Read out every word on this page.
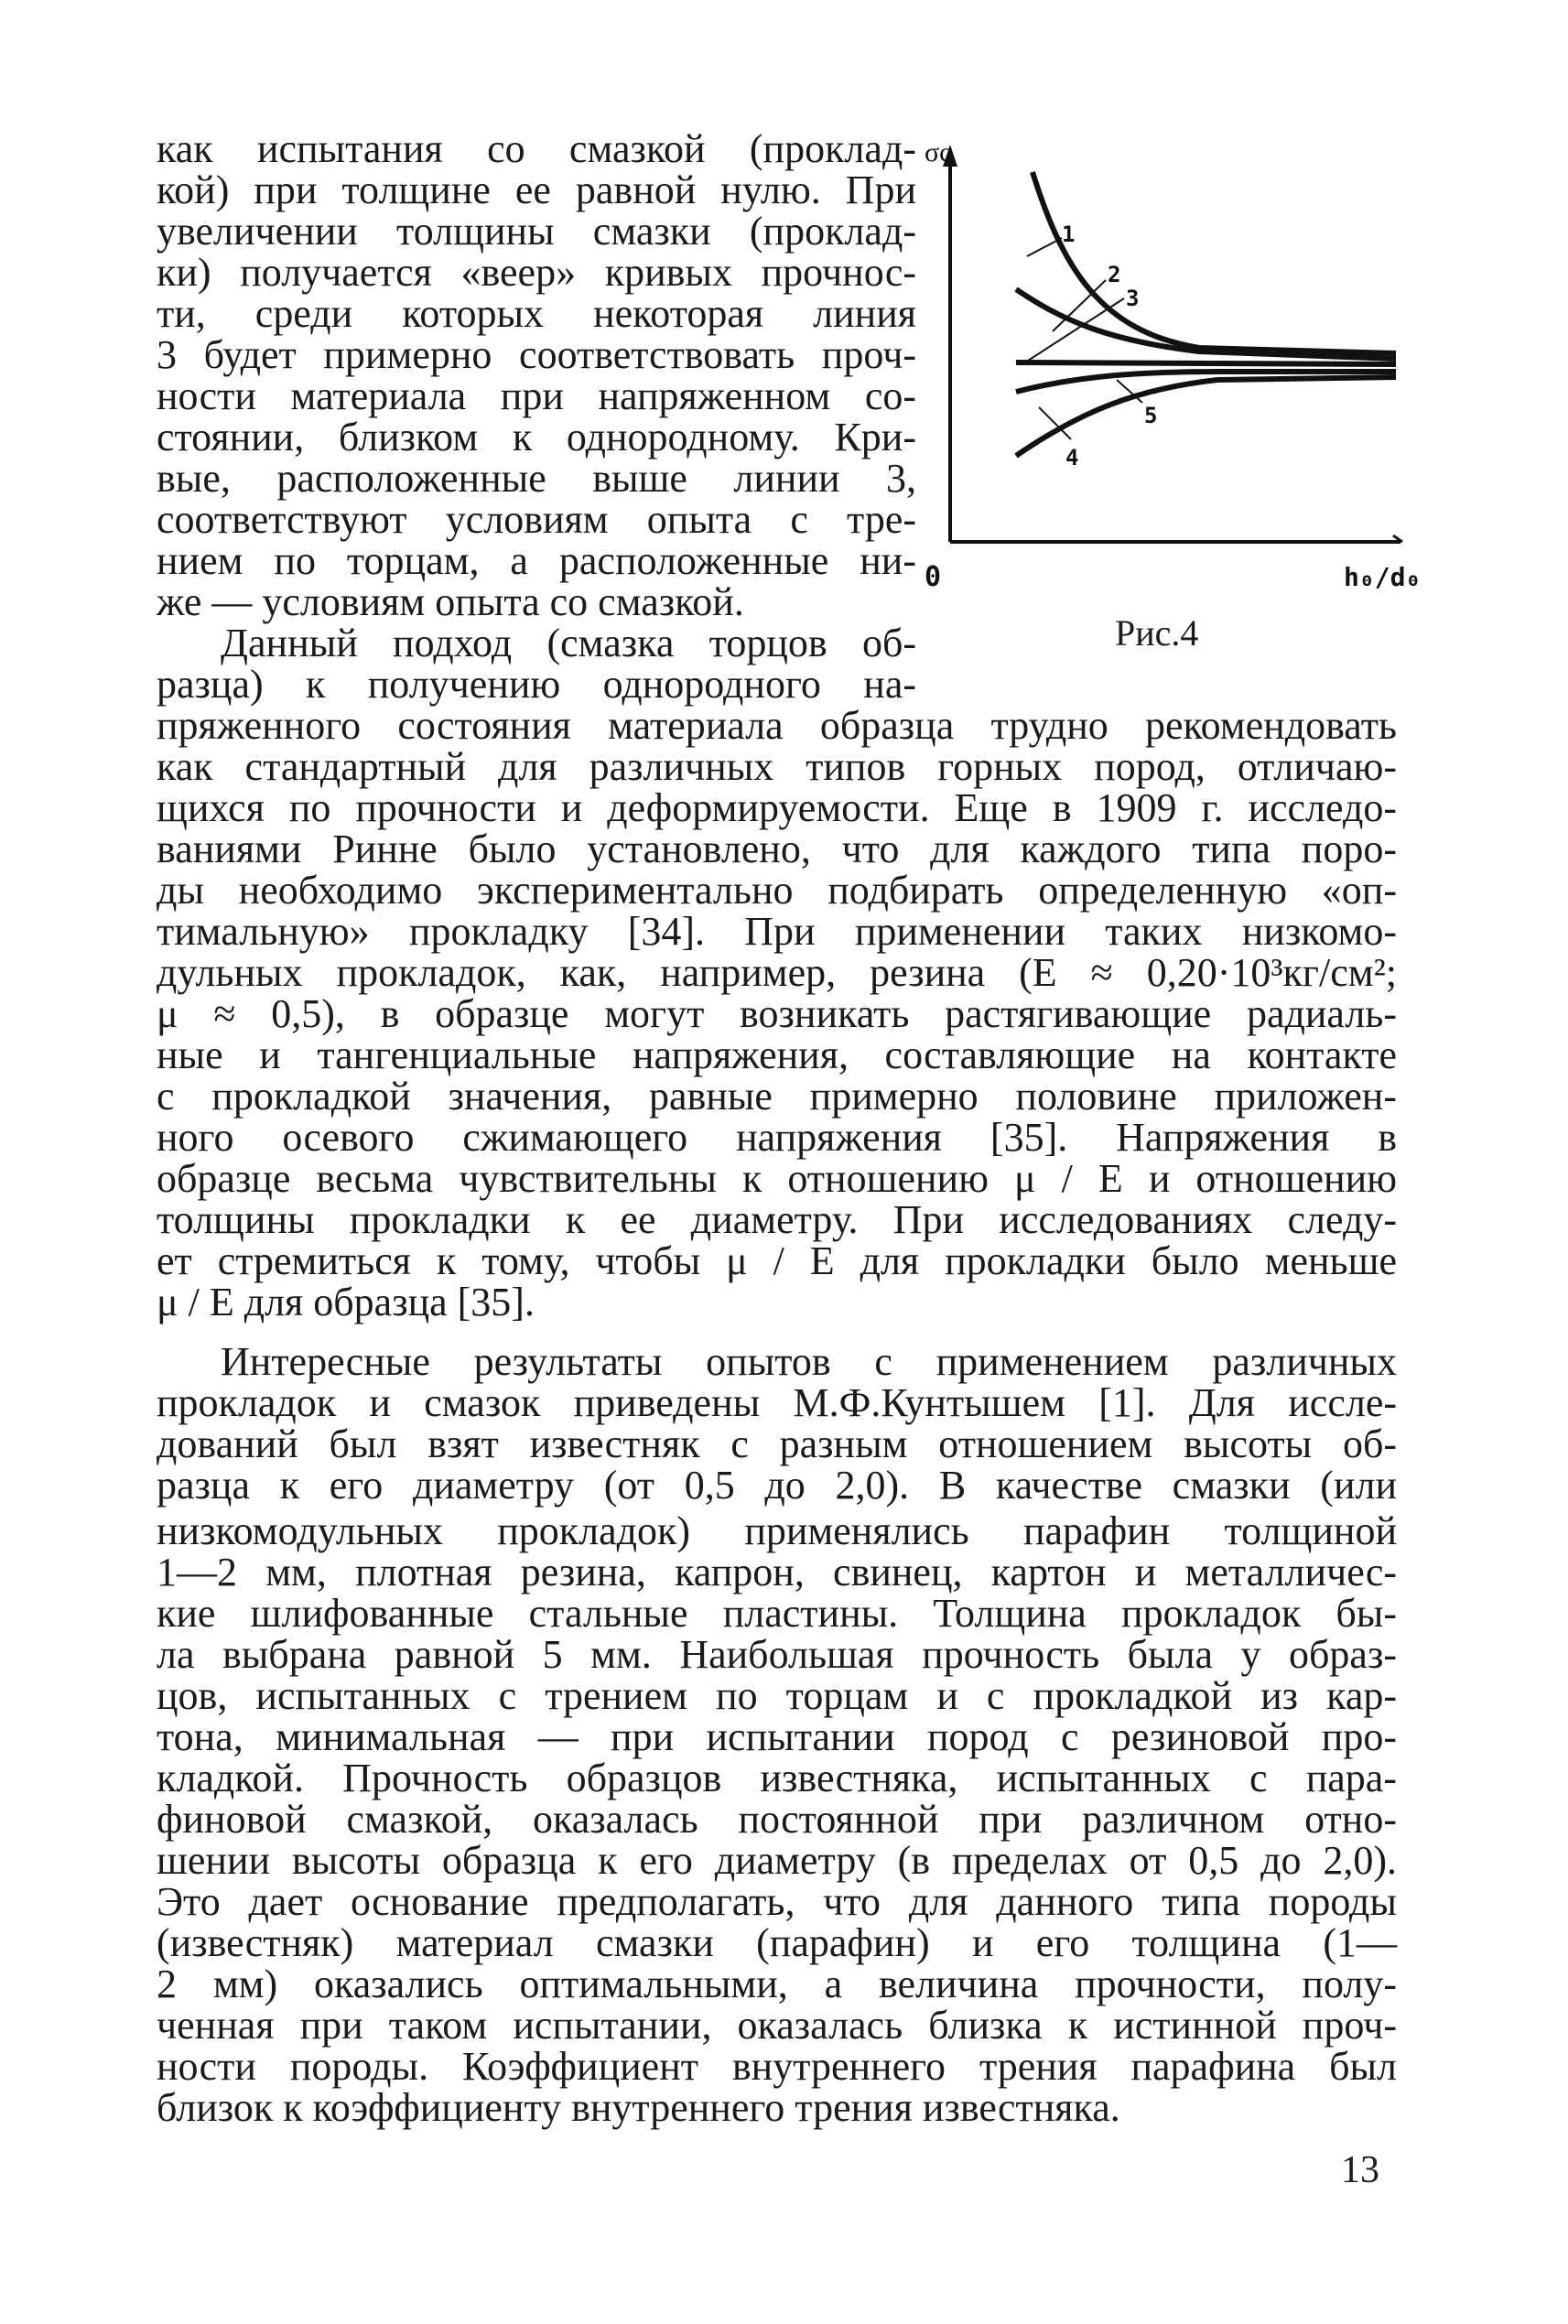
как испытания со смазкой (проклад-
кой) при толщине ее равной нулю. При
увеличении толщины смазки (проклад-
ки) получается «веер» кривых прочнос-
ти, среди которых некоторая линия
3 будет примерно соответствовать проч-
ности материала при напряженном со-
стоянии, близком к однородному. Кри-
вые, расположенные выше линии 3,
соответствуют условиям опыта с тре-
нием по торцам, а расположенные ни-
же — условиям опыта со смазкой.
Данный подход (смазка торцов об-
разца) к получению однородного на-
пряженного состояния материала образца трудно рекомендовать
как стандартный для различных типов горных пород, отличаю-
щихся по прочности и деформируемости. Еще в 1909 г. исследо-
ваниями Ринне было установлено, что для каждого типа поро-
ды необходимо экспериментально подбирать определенную «оп-
тимальную» прокладку [34]. При применении таких низкомо-
дульных прокладок, как, например, резина (E ≈ 0,20·10³кг/см²;
μ ≈ 0,5), в образце могут возникать растягивающие радиаль-
ные и тангенциальные напряжения, составляющие на контакте
с прокладкой значения, равные примерно половине приложен-
ного осевого сжимающего напряжения [35]. Напряжения в
образце весьма чувствительны к отношению μ / E и отношению
толщины прокладки к ее диаметру. При исследованиях следу-
ет стремиться к тому, чтобы μ / E для прокладки было меньше
μ / E для образца [35].
Интересные результаты опытов с применением различных
прокладок и смазок приведены М.Ф.Кунтышем [1]. Для иссле-
дований был взят известняк с разным отношением высоты об-
разца к его диаметру (от 0,5 до 2,0). В качестве смазки (или
низкомодульных прокладок) применялись парафин толщиной
1—2 мм, плотная резина, капрон, свинец, картон и металличес-
кие шлифованные стальные пластины. Толщина прокладок бы-
ла выбрана равной 5 мм. Наибольшая прочность была у образ-
цов, испытанных с трением по торцам и с прокладкой из кар-
тона, минимальная — при испытании пород с резиновой про-
кладкой. Прочность образцов известняка, испытанных с пара-
финовой смазкой, оказалась постоянной при различном отно-
шении высоты образца к его диаметру (в пределах от 0,5 до 2,0).
Это дает основание предполагать, что для данного типа породы
(известняк) материал смазки (парафин) и его толщина (1—
2 мм) оказались оптимальными, а величина прочности, полу-
ченная при таком испытании, оказалась близка к истинной проч-
ности породы. Коэффициент внутреннего трения парафина был
близок к коэффициенту внутреннего трения известняка.
σc
0	h₀/d₀
1
2
3
4
5
Рис.4
13
